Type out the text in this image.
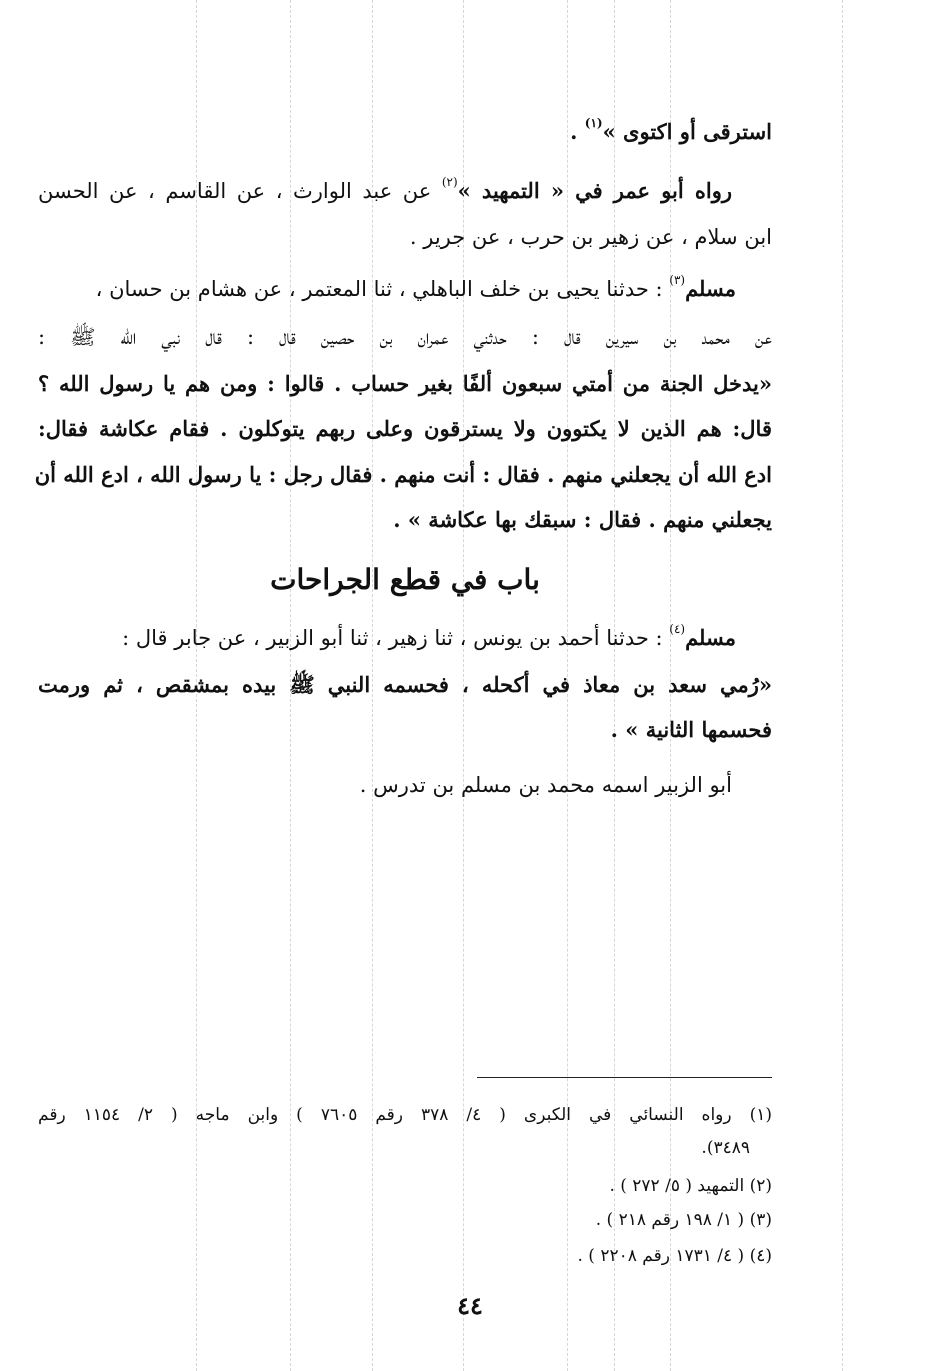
استرقى أو اكتوى »$^{(١)}$ .
رواه أبو عمر في « التمهيد »$^{(٢)}$ عن عبد الوارث ، عن القاسم ، عن الحسن
ابن سلام ، عن زهير بن حرب ، عن جرير .
مسلم$^{(٣)}$ : حدثنا يحيى بن خلف الباهلي ، ثنا المعتمر ، عن هشام بن حسان ،
عن محمد بن سيرين قال : حدثني عمران بن حصين قال : قال نبي الله ﷺ :
«يدخل الجنة من أمتي سبعون ألفًا بغير حساب . قالوا : ومن هم يا رسول الله ؟
قال: هم الذين لا يكتوون ولا يسترقون وعلى ربهم يتوكلون . فقام عكاشة فقال:
ادع الله أن يجعلني منهم . فقال : أنت منهم . فقال رجل : يا رسول الله ، ادع الله أن
يجعلني منهم . فقال : سبقك بها عكاشة » .
باب في قطع الجراحات
مسلم$^{(٤)}$ : حدثنا أحمد بن يونس ، ثنا زهير ، ثنا أبو الزبير ، عن جابر قال :
«رُمي سعد بن معاذ في أكحله ، فحسمه النبي ﷺ بيده بمشقص ، ثم ورمت
فحسمها الثانية » .
أبو الزبير اسمه محمد بن مسلم بن تدرس .
(١) رواه النسائي في الكبرى ( ٤/ ٣٧٨ رقم ٧٦٠٥ ) وابن ماجه ( ٢/ ١١٥٤ رقم
٣٤٨٩).
(٢) التمهيد ( ٥/ ٢٧٢ ) .
(٣) ( ١/ ١٩٨ رقم ٢١٨ ) .
(٤) ( ٤/ ١٧٣١ رقم ٢٢٠٨ ) .
٤٤
